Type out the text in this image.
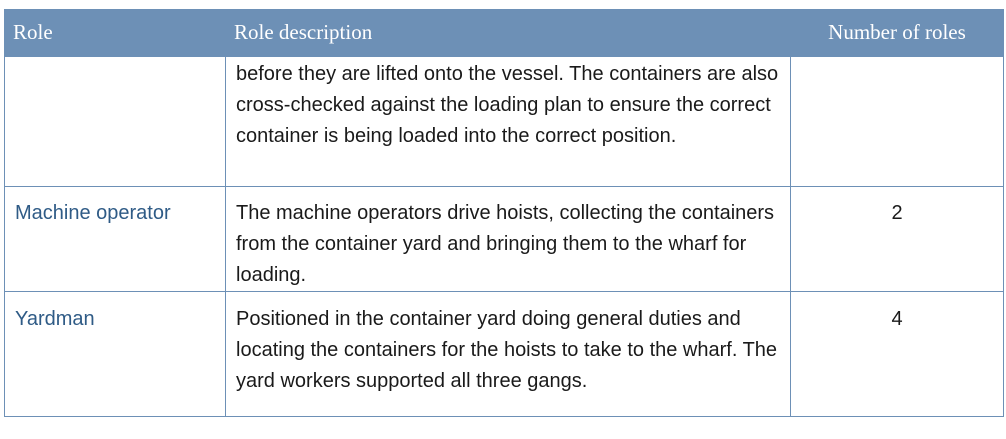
Role	Role description	Number of roles
	before they are lifted onto the vessel. The containers are also cross-checked against the loading plan to ensure the correct container is being loaded into the correct position.	
Machine operator	The machine operators drive hoists, collecting the containers from the container yard and bringing them to the wharf for loading.	2
Yardman	Positioned in the container yard doing general duties and locating the containers for the hoists to take to the wharf. The yard workers supported all three gangs.	4
